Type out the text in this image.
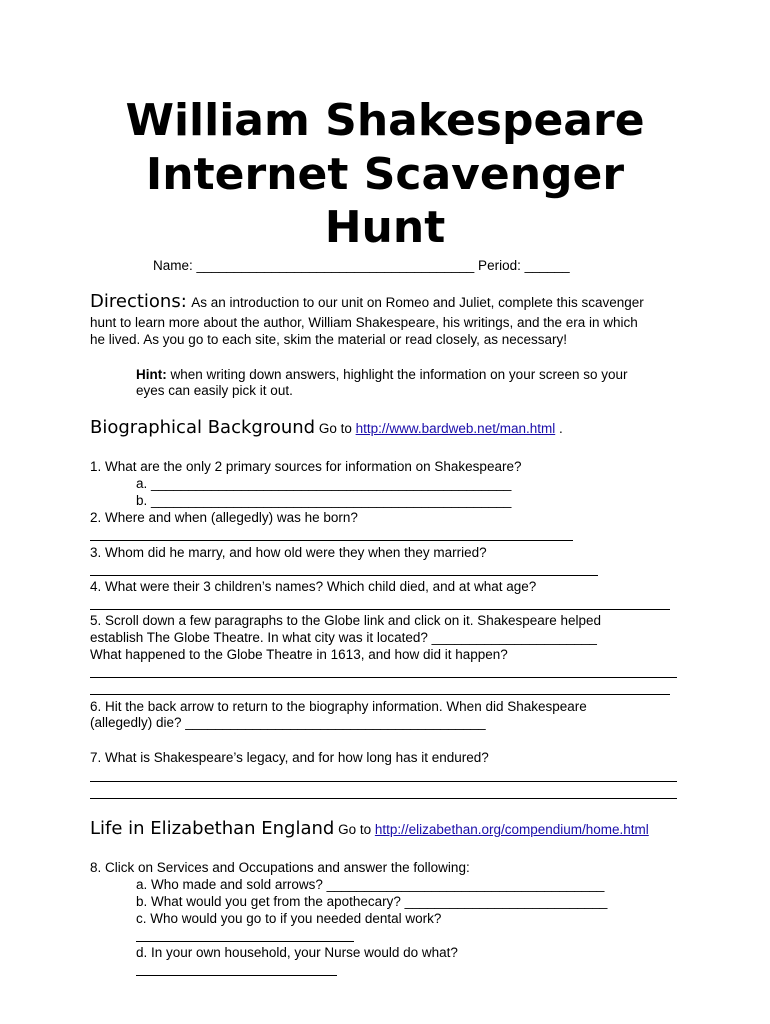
William Shakespeare
Internet Scavenger
Hunt
Name: _____________________________________ Period: ______
Directions: As an introduction to our unit on Romeo and Juliet, complete this scavenger
hunt to learn more about the author, William Shakespeare, his writings, and the era in which
he lived. As you go to each site, skim the material or read closely, as necessary!
Hint: when writing down answers, highlight the information on your screen so your
eyes can easily pick it out.
Biographical Background Go to http://www.bardweb.net/man.html .
1. What are the only 2 primary sources for information on Shakespeare?
a. ________________________________________________
b. ________________________________________________
2. Where and when (allegedly) was he born?
3. Whom did he marry, and how old were they when they married?
4. What were their 3 children’s names? Which child died, and at what age?
5. Scroll down a few paragraphs to the Globe link and click on it. Shakespeare helped
establish The Globe Theatre. In what city was it located? ______________________
What happened to the Globe Theatre in 1613, and how did it happen?
6. Hit the back arrow to return to the biography information. When did Shakespeare
(allegedly) die? ________________________________________
7. What is Shakespeare’s legacy, and for how long has it endured?
Life in Elizabethan England Go to http://elizabethan.org/compendium/home.html
8. Click on Services and Occupations and answer the following:
a. Who made and sold arrows? _____________________________________
b. What would you get from the apothecary? ___________________________
c. Who would you go to if you needed dental work?
d. In your own household, your Nurse would do what?
